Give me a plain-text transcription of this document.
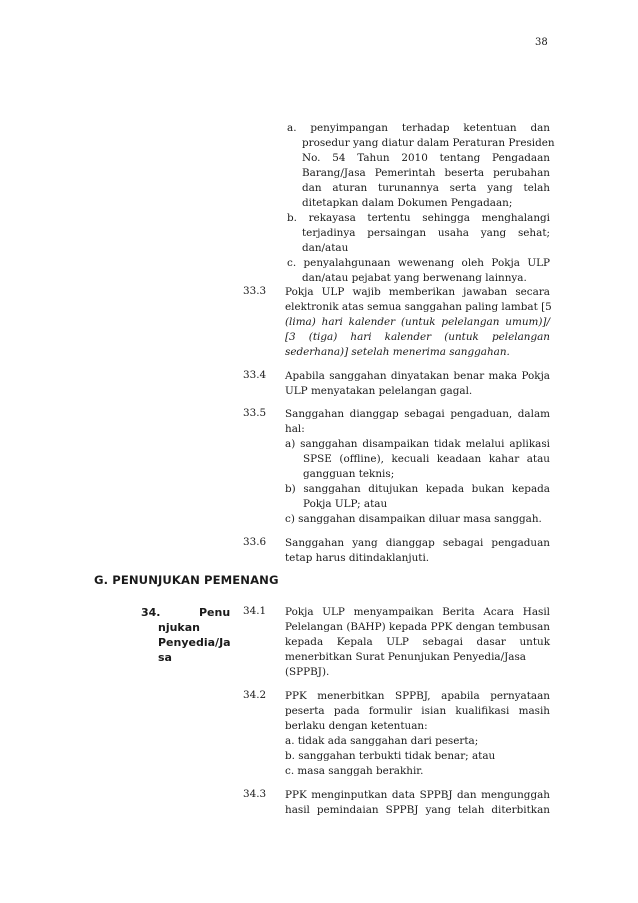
38
a. penyimpangan terhadap ketentuan dan
prosedur yang diatur dalam Peraturan Presiden
No. 54 Tahun 2010 tentang Pengadaan
Barang/Jasa Pemerintah beserta perubahan
dan aturan turunannya serta yang telah
ditetapkan dalam Dokumen Pengadaan;
b. rekayasa tertentu sehingga menghalangi
terjadinya persaingan usaha yang sehat;
dan/atau
c. penyalahgunaan wewenang oleh Pokja ULP
dan/atau pejabat yang berwenang lainnya.
33.3 Pokja ULP wajib memberikan jawaban secara
elektronik atas semua sanggahan paling lambat [5
(lima) hari kalender (untuk pelelangan umum)]/
[3 (tiga) hari kalender (untuk pelelangan
sederhana)] setelah menerima sanggahan.
33.4 Apabila sanggahan dinyatakan benar maka Pokja
ULP menyatakan pelelangan gagal.
33.5 Sanggahan dianggap sebagai pengaduan, dalam
hal:
a) sanggahan disampaikan tidak melalui aplikasi
SPSE (offline), kecuali keadaan kahar atau
gangguan teknis;
b) sanggahan ditujukan kepada bukan kepada
Pokja ULP; atau
c) sanggahan disampaikan diluar masa sanggah.
33.6 Sanggahan yang dianggap sebagai pengaduan
tetap harus ditindaklanjuti.
G. PENUNJUKAN PEMENANG
34.	Penu
njukan
Penyedia/Ja
sa
34.1 Pokja ULP menyampaikan Berita Acara Hasil
Pelelangan (BAHP) kepada PPK dengan tembusan
kepada Kepala ULP sebagai dasar untuk
menerbitkan Surat Penunjukan Penyedia/Jasa
(SPPBJ).
34.2 PPK menerbitkan SPPBJ, apabila pernyataan
peserta pada formulir isian kualifikasi masih
berlaku dengan ketentuan:
a. tidak ada sanggahan dari peserta;
b. sanggahan terbukti tidak benar; atau
c. masa sanggah berakhir.
34.3 PPK menginputkan data SPPBJ dan mengunggah
hasil pemindaian SPPBJ yang telah diterbitkan
